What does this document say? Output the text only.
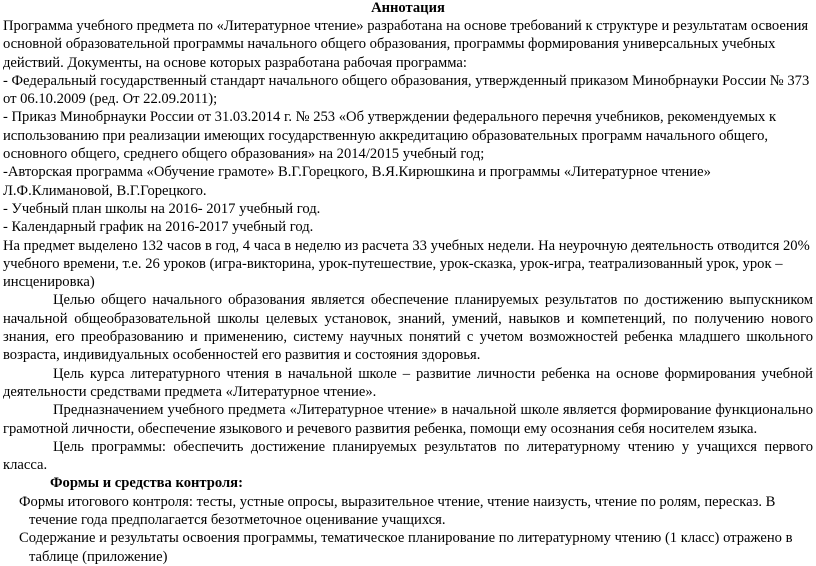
Аннотация

Программа учебного предмета по «Литературное чтение» разработана на основе требований к структуре и результатам освоения основной образовательной программы начального общего образования, программы формирования универсальных учебных действий. Документы, на основе которых разработана рабочая программа:

- Федеральный государственный стандарт начального общего образования, утвержденный приказом Минобрнауки России № 373 от 06.10.2009 (ред. От 22.09.2011);

- Приказ Минобрнауки России от 31.03.2014 г. № 253 «Об утверждении федерального перечня учебников, рекомендуемых к использованию при реализации имеющих государственную аккредитацию образовательных программ начального общего, основного общего, среднего общего образования» на 2014/2015 учебный год;

-Авторская программа «Обучение грамоте» В.Г.Горецкого, В.Я.Кирюшкина и программы «Литературное чтение» Л.Ф.Климановой, В.Г.Горецкого.

- Учебный план школы на 2016- 2017 учебный год.

- Календарный график на 2016-2017 учебный год.

На предмет выделено 132 часов в год, 4 часа в неделю из расчета 33 учебных недели. На неурочную деятельность отводится 20% учебного времени, т.е. 26 уроков (игра-викторина, урок-путешествие, урок-сказка, урок-игра, театрализованный урок, урок – инсценировка)

Целью общего начального образования является обеспечение планируемых результатов по достижению выпускником начальной общеобразовательной школы целевых установок, знаний, умений, навыков и компетенций, по получению нового знания, его преобразованию и применению, систему научных понятий с учетом возможностей ребенка младшего школьного возраста, индивидуальных особенностей его развития и состояния здоровья.

Цель курса литературного чтения в начальной школе – развитие личности ребенка на основе формирования учебной деятельности средствами предмета «Литературное чтение».

Предназначением учебного предмета «Литературное чтение» в начальной школе является формирование функционально грамотной личности, обеспечение языкового и речевого развития ребенка, помощи ему осознания себя носителем языка.

Цель программы: обеспечить достижение планируемых результатов по литературному чтению у учащихся первого класса.

Формы и средства контроля:

Формы итогового контроля: тесты, устные опросы, выразительное чтение, чтение наизусть, чтение по ролям, пересказ. В течение года предполагается безотметочное оценивание учащихся.

Содержание и результаты освоения программы, тематическое планирование по литературному чтению (1 класс) отражено в таблице (приложение)
